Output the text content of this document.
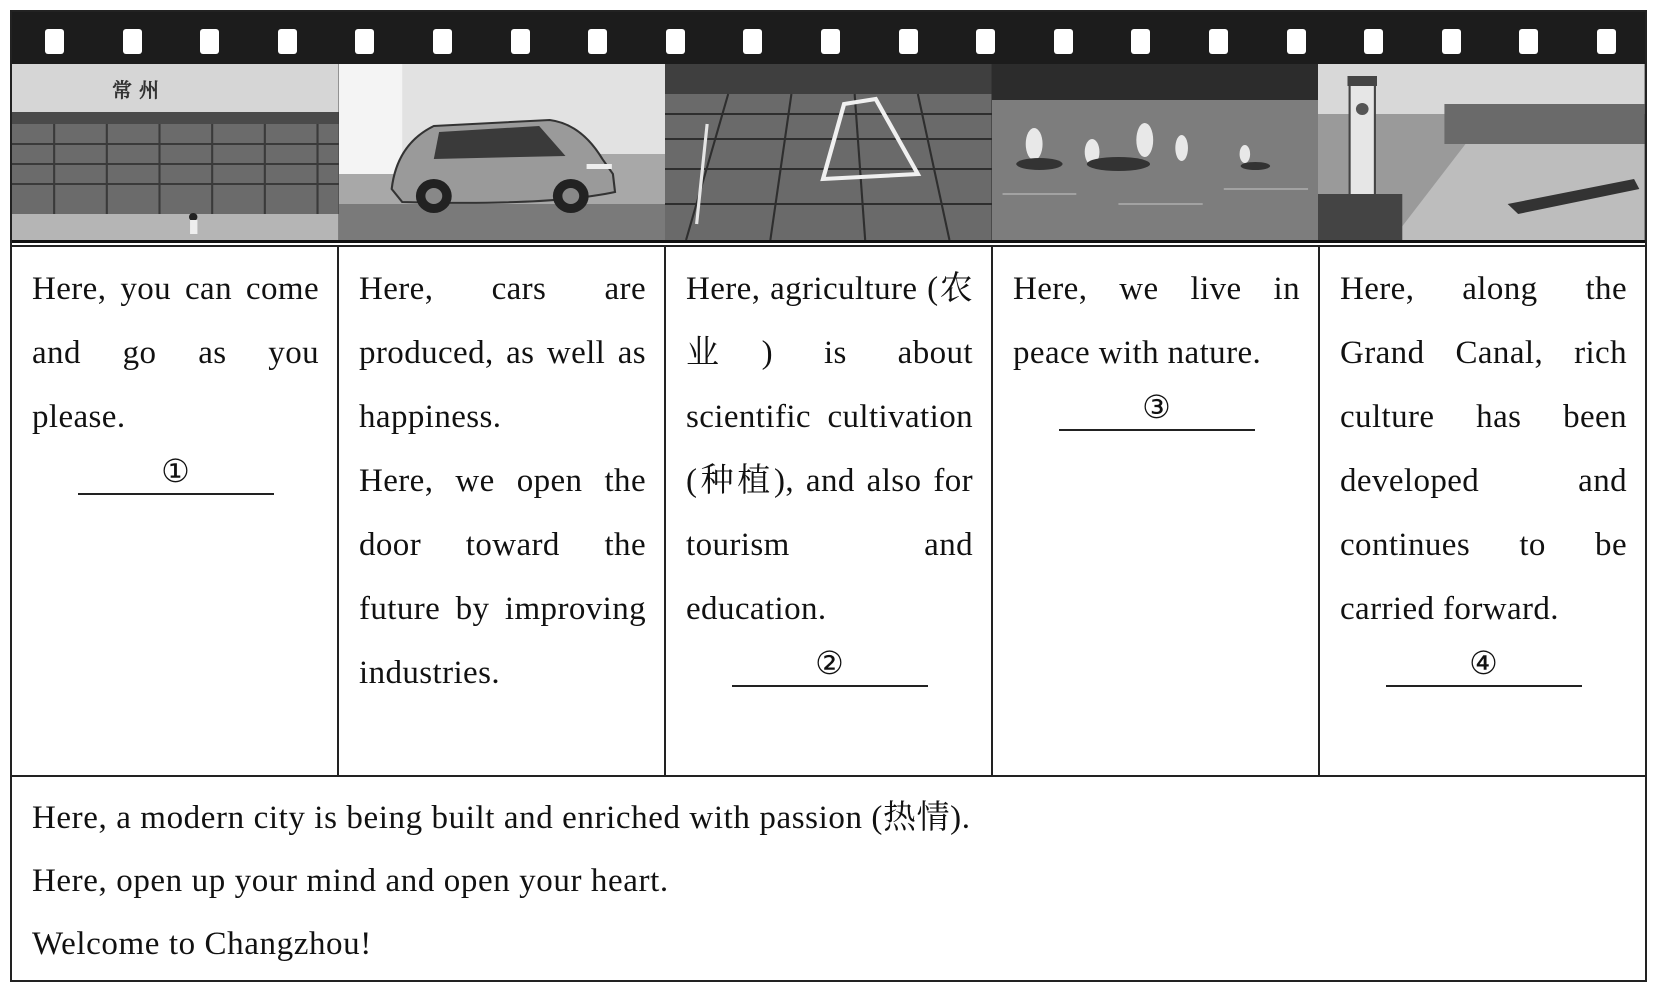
常 州

Here, you can come and go as you please.

①

Here, cars are produced, as well as happiness.

Here, we open the door toward the future by improving industries.

Here, agriculture (农业) is about scientific cultivation (种植), and also for tourism and education.

②

Here, we live in peace with nature.

③

Here, along the Grand Canal, rich culture has been developed and continues to be carried forward.

④

Here, a modern city is being built and enriched with passion (热情).

Here, open up your mind and open your heart.

Welcome to Changzhou!
